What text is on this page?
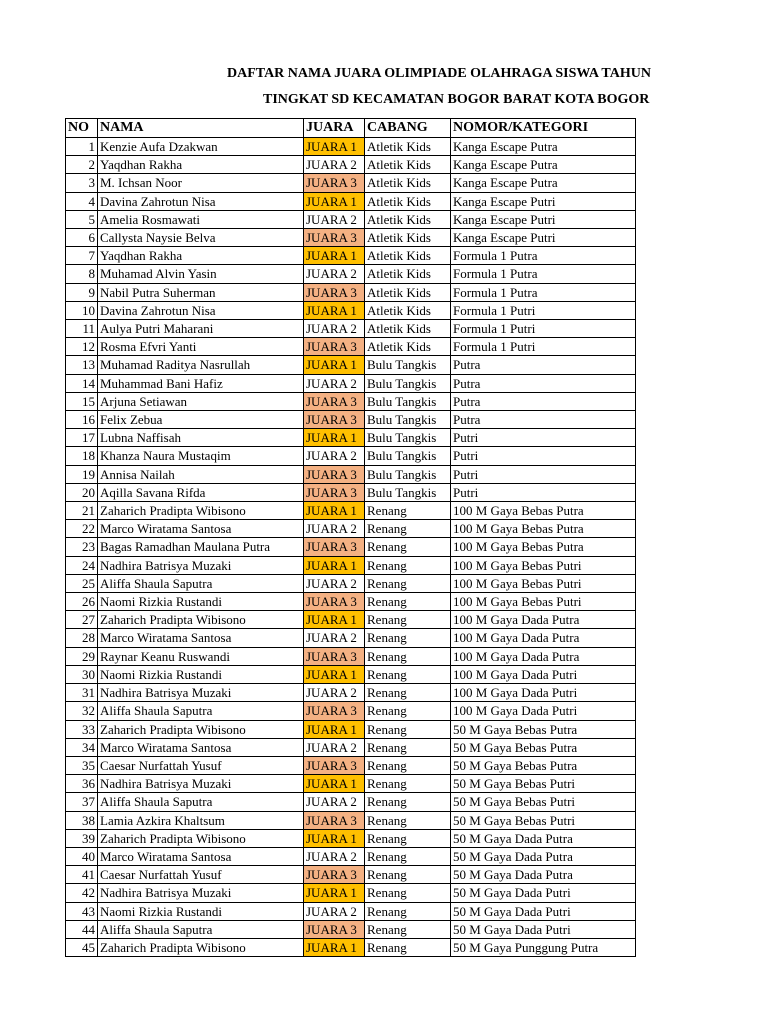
DAFTAR NAMA JUARA OLIMPIADE OLAHRAGA SISWA TAHUN
TINGKAT SD KECAMATAN BOGOR BARAT KOTA BOGOR
NO	NAMA	JUARA	CABANG	NOMOR/KATEGORI
1	Kenzie Aufa Dzakwan	JUARA 1	Atletik Kids	Kanga Escape Putra
2	Yaqdhan Rakha	JUARA 2	Atletik Kids	Kanga Escape Putra
3	M. Ichsan Noor	JUARA 3	Atletik Kids	Kanga Escape Putra
4	Davina Zahrotun Nisa	JUARA 1	Atletik Kids	Kanga Escape Putri
5	Amelia Rosmawati	JUARA 2	Atletik Kids	Kanga Escape Putri
6	Callysta Naysie Belva	JUARA 3	Atletik Kids	Kanga Escape Putri
7	Yaqdhan Rakha	JUARA 1	Atletik Kids	Formula 1 Putra
8	Muhamad Alvin Yasin	JUARA 2	Atletik Kids	Formula 1 Putra
9	Nabil Putra Suherman	JUARA 3	Atletik Kids	Formula 1 Putra
10	Davina Zahrotun Nisa	JUARA 1	Atletik Kids	Formula 1 Putri
11	Aulya Putri Maharani	JUARA 2	Atletik Kids	Formula 1 Putri
12	Rosma Efvri Yanti	JUARA 3	Atletik Kids	Formula 1 Putri
13	Muhamad Raditya Nasrullah	JUARA 1	Bulu Tangkis	Putra
14	Muhammad Bani Hafiz	JUARA 2	Bulu Tangkis	Putra
15	Arjuna Setiawan	JUARA 3	Bulu Tangkis	Putra
16	Felix Zebua	JUARA 3	Bulu Tangkis	Putra
17	Lubna Naffisah	JUARA 1	Bulu Tangkis	Putri
18	Khanza Naura Mustaqim	JUARA 2	Bulu Tangkis	Putri
19	Annisa Nailah	JUARA 3	Bulu Tangkis	Putri
20	Aqilla Savana Rifda	JUARA 3	Bulu Tangkis	Putri
21	Zaharich Pradipta Wibisono	JUARA 1	Renang	100 M Gaya Bebas Putra
22	Marco Wiratama Santosa	JUARA 2	Renang	100 M Gaya Bebas Putra
23	Bagas Ramadhan Maulana Putra	JUARA 3	Renang	100 M Gaya Bebas Putra
24	Nadhira Batrisya Muzaki	JUARA 1	Renang	100 M Gaya Bebas Putri
25	Aliffa Shaula Saputra	JUARA 2	Renang	100 M Gaya Bebas Putri
26	Naomi Rizkia Rustandi	JUARA 3	Renang	100 M Gaya Bebas Putri
27	Zaharich Pradipta Wibisono	JUARA 1	Renang	100 M Gaya Dada Putra
28	Marco Wiratama Santosa	JUARA 2	Renang	100 M Gaya Dada Putra
29	Raynar Keanu Ruswandi	JUARA 3	Renang	100 M Gaya Dada Putra
30	Naomi Rizkia Rustandi	JUARA 1	Renang	100 M Gaya Dada Putri
31	Nadhira Batrisya Muzaki	JUARA 2	Renang	100 M Gaya Dada Putri
32	Aliffa Shaula Saputra	JUARA 3	Renang	100 M Gaya Dada Putri
33	Zaharich Pradipta Wibisono	JUARA 1	Renang	50 M Gaya Bebas Putra
34	Marco Wiratama Santosa	JUARA 2	Renang	50 M Gaya Bebas Putra
35	Caesar Nurfattah Yusuf	JUARA 3	Renang	50 M Gaya Bebas Putra
36	Nadhira Batrisya Muzaki	JUARA 1	Renang	50 M Gaya Bebas Putri
37	Aliffa Shaula Saputra	JUARA 2	Renang	50 M Gaya Bebas Putri
38	Lamia Azkira Khaltsum	JUARA 3	Renang	50 M Gaya Bebas Putri
39	Zaharich Pradipta Wibisono	JUARA 1	Renang	50 M Gaya Dada Putra
40	Marco Wiratama Santosa	JUARA 2	Renang	50 M Gaya Dada Putra
41	Caesar Nurfattah Yusuf	JUARA 3	Renang	50 M Gaya Dada Putra
42	Nadhira Batrisya Muzaki	JUARA 1	Renang	50 M Gaya Dada Putri
43	Naomi Rizkia Rustandi	JUARA 2	Renang	50 M Gaya Dada Putri
44	Aliffa Shaula Saputra	JUARA 3	Renang	50 M Gaya Dada Putri
45	Zaharich Pradipta Wibisono	JUARA 1	Renang	50 M Gaya Punggung Putra
